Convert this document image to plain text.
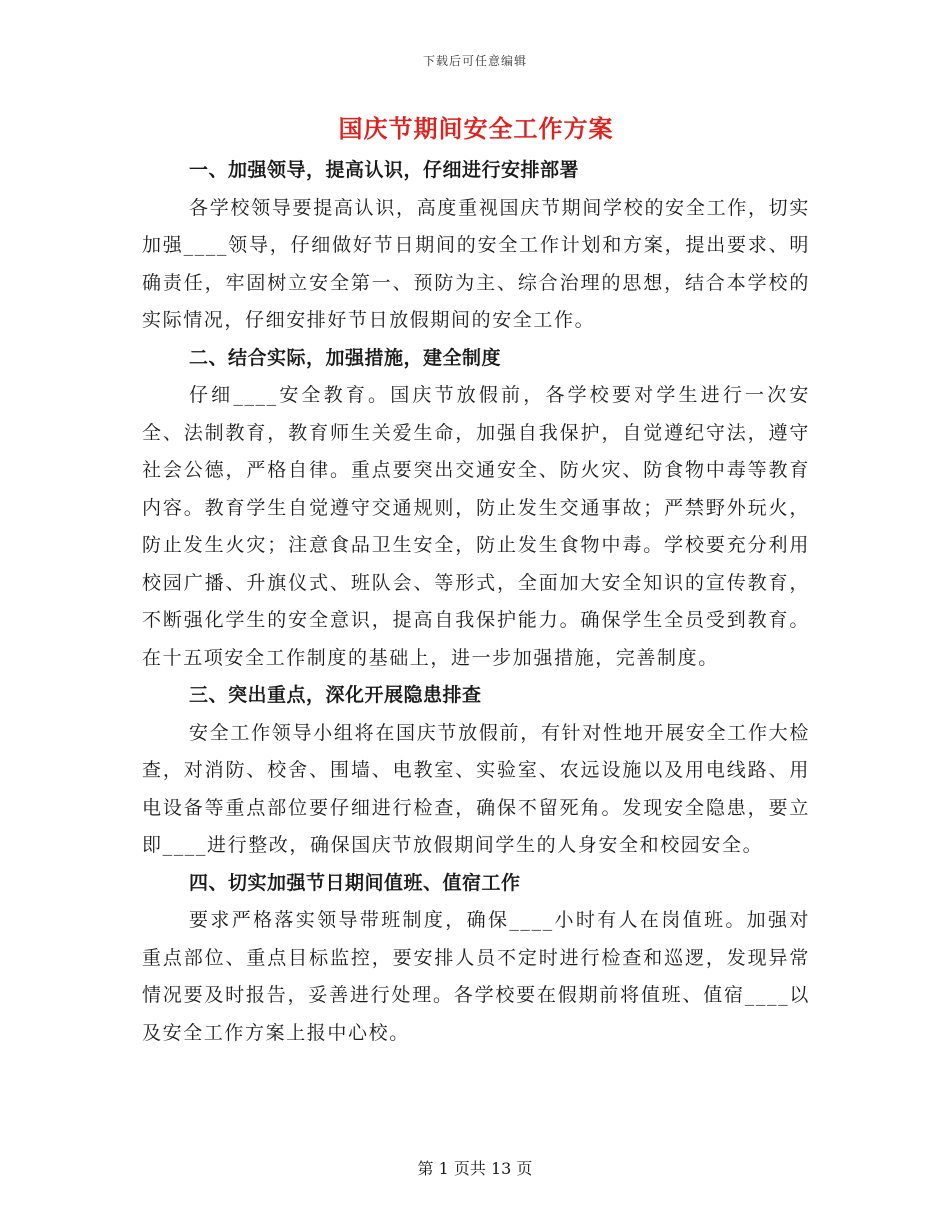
下载后可任意编辑
国庆节期间安全工作方案
一、加强领导，提高认识，仔细进行安排部署

各学校领导要提高认识，高度重视国庆节期间学校的安全工作，切实加强____领导，仔细做好节日期间的安全工作计划和方案，提出要求、明确责任，牢固树立安全第一、预防为主、综合治理的思想，结合本学校的实际情况，仔细安排好节日放假期间的安全工作。

二、结合实际，加强措施，建全制度

仔细____安全教育。国庆节放假前，各学校要对学生进行一次安全、法制教育，教育师生关爱生命，加强自我保护，自觉遵纪守法，遵守社会公德，严格自律。重点要突出交通安全、防火灾、防食物中毒等教育内容。教育学生自觉遵守交通规则，防止发生交通事故；严禁野外玩火，防止发生火灾；注意食品卫生安全，防止发生食物中毒。学校要充分利用校园广播、升旗仪式、班队会、等形式，全面加大安全知识的宣传教育，不断强化学生的安全意识，提高自我保护能力。确保学生全员受到教育。在十五项安全工作制度的基础上，进一步加强措施，完善制度。

三、突出重点，深化开展隐患排查

安全工作领导小组将在国庆节放假前，有针对性地开展安全工作大检查，对消防、校舍、围墙、电教室、实验室、农远设施以及用电线路、用电设备等重点部位要仔细进行检查，确保不留死角。发现安全隐患，要立即____进行整改，确保国庆节放假期间学生的人身安全和校园安全。

四、切实加强节日期间值班、值宿工作

要求严格落实领导带班制度，确保____小时有人在岗值班。加强对重点部位、重点目标监控，要安排人员不定时进行检查和巡逻，发现异常情况要及时报告，妥善进行处理。各学校要在假期前将值班、值宿____以及安全工作方案上报中心校。

第 1 页共 13 页
